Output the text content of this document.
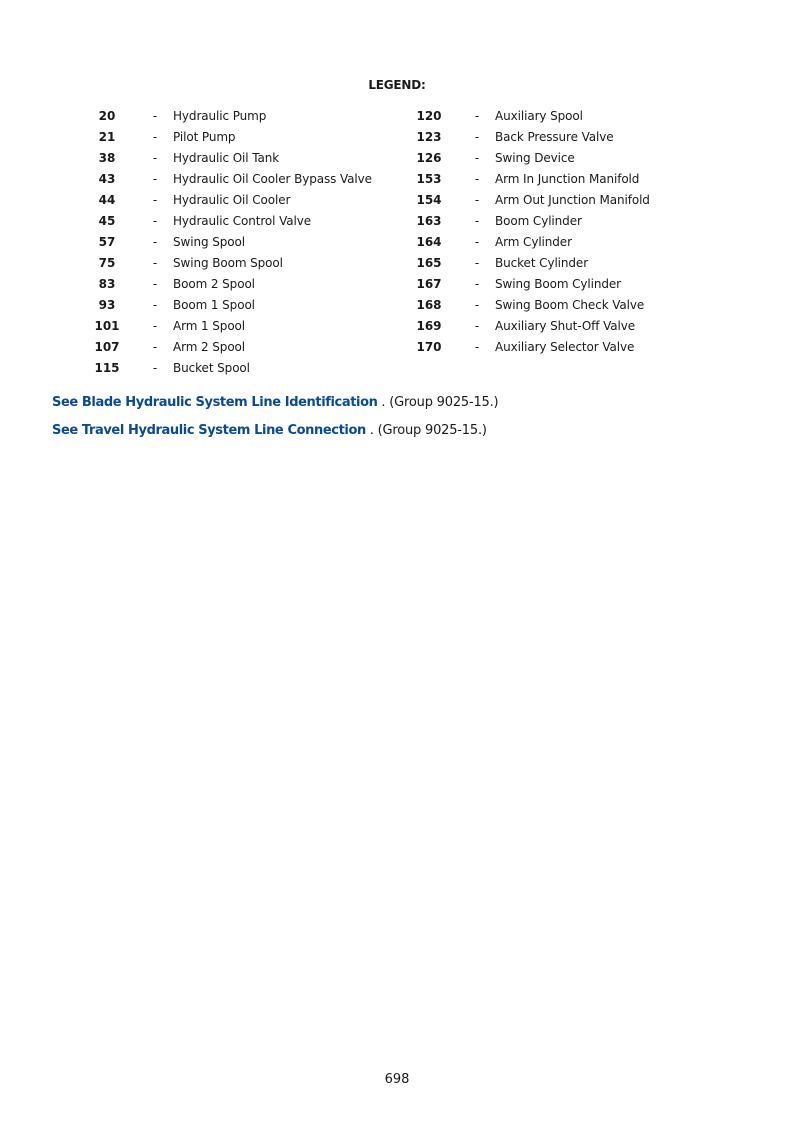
LEGEND:
20	-	Hydraulic Pump
21	-	Pilot Pump
38	-	Hydraulic Oil Tank
43	-	Hydraulic Oil Cooler Bypass Valve
44	-	Hydraulic Oil Cooler
45	-	Hydraulic Control Valve
57	-	Swing Spool
75	-	Swing Boom Spool
83	-	Boom 2 Spool
93	-	Boom 1 Spool
101	-	Arm 1 Spool
107	-	Arm 2 Spool
115	-	Bucket Spool
120	-	Auxiliary Spool
123	-	Back Pressure Valve
126	-	Swing Device
153	-	Arm In Junction Manifold
154	-	Arm Out Junction Manifold
163	-	Boom Cylinder
164	-	Arm Cylinder
165	-	Bucket Cylinder
167	-	Swing Boom Cylinder
168	-	Swing Boom Check Valve
169	-	Auxiliary Shut-Off Valve
170	-	Auxiliary Selector Valve
See Blade Hydraulic System Line Identification . (Group 9025-15.)
See Travel Hydraulic System Line Connection . (Group 9025-15.)
698
